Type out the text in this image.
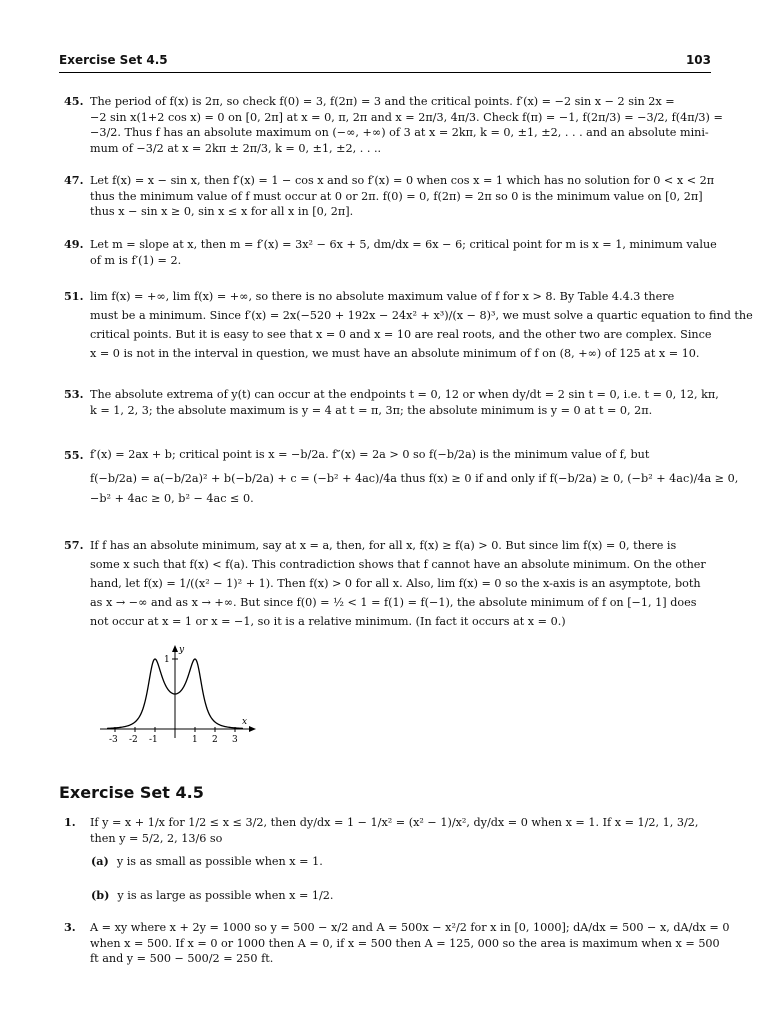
Exercise Set 4.5	103
45. The period of f(x) is 2π, so check f(0) = 3, f(2π) = 3 and the critical points. f′(x) = −2 sin x − 2 sin 2x =
−2 sin x(1+2 cos x) = 0 on [0, 2π] at x = 0, π, 2π and x = 2π/3, 4π/3. Check f(π) = −1, f(2π/3) = −3/2, f(4π/3) =
−3/2. Thus f has an absolute maximum on (−∞, +∞) of 3 at x = 2kπ, k = 0, ±1, ±2, . . . and an absolute mini-
mum of −3/2 at x = 2kπ ± 2π/3, k = 0, ±1, ±2, . . ..
47. Let f(x) = x − sin x, then f′(x) = 1 − cos x and so f′(x) = 0 when cos x = 1 which has no solution for 0 < x < 2π
thus the minimum value of f must occur at 0 or 2π. f(0) = 0, f(2π) = 2π so 0 is the minimum value on [0, 2π]
thus x − sin x ≥ 0, sin x ≤ x for all x in [0, 2π].
49. Let m = slope at x, then m = f′(x) = 3x² − 6x + 5, dm/dx = 6x − 6; critical point for m is x = 1, minimum value
of m is f′(1) = 2.
51. lim f(x) = +∞, lim f(x) = +∞, so there is no absolute maximum value of f for x > 8. By Table 4.4.3 there
must be a minimum. Since f′(x) = 2x(−520 + 192x − 24x² + x³)/(x − 8)³, we must solve a quartic equation to find the
critical points. But it is easy to see that x = 0 and x = 10 are real roots, and the other two are complex. Since
x = 0 is not in the interval in question, we must have an absolute minimum of f on (8, +∞) of 125 at x = 10.
53. The absolute extrema of y(t) can occur at the endpoints t = 0, 12 or when dy/dt = 2 sin t = 0, i.e. t = 0, 12, kπ,
k = 1, 2, 3; the absolute maximum is y = 4 at t = π, 3π; the absolute minimum is y = 0 at t = 0, 2π.
55. f′(x) = 2ax + b; critical point is x = −b/2a. f″(x) = 2a > 0 so f(−b/2a) is the minimum value of f, but
f(−b/2a) = a(−b/2a)² + b(−b/2a) + c = (−b² + 4ac)/4a thus f(x) ≥ 0 if and only if f(−b/2a) ≥ 0, (−b² + 4ac)/4a ≥ 0,
−b² + 4ac ≥ 0, b² − 4ac ≤ 0.
57. If f has an absolute minimum, say at x = a, then, for all x, f(x) ≥ f(a) > 0. But since lim f(x) = 0, there is
some x such that f(x) < f(a). This contradiction shows that f cannot have an absolute minimum. On the other
hand, let f(x) = 1/((x² − 1)² + 1). Then f(x) > 0 for all x. Also, lim f(x) = 0 so the x-axis is an asymptote, both
as x → −∞ and as x → +∞. But since f(0) = ½ < 1 = f(1) = f(−1), the absolute minimum of f on [−1, 1] does
not occur at x = 1 or x = −1, so it is a relative minimum. (In fact it occurs at x = 0.)
y
x
1
-3 -2 -1	1 2 3
Exercise Set 4.5
1. If y = x + 1/x for 1/2 ≤ x ≤ 3/2, then dy/dx = 1 − 1/x² = (x² − 1)/x², dy/dx = 0 when x = 1. If x = 1/2, 1, 3/2,
then y = 5/2, 2, 13/6 so
(a) y is as small as possible when x = 1.
(b) y is as large as possible when x = 1/2.
3. A = xy where x + 2y = 1000 so y = 500 − x/2 and A = 500x − x²/2 for x in [0, 1000]; dA/dx = 500 − x, dA/dx = 0
when x = 500. If x = 0 or 1000 then A = 0, if x = 500 then A = 125, 000 so the area is maximum when x = 500
ft and y = 500 − 500/2 = 250 ft.
